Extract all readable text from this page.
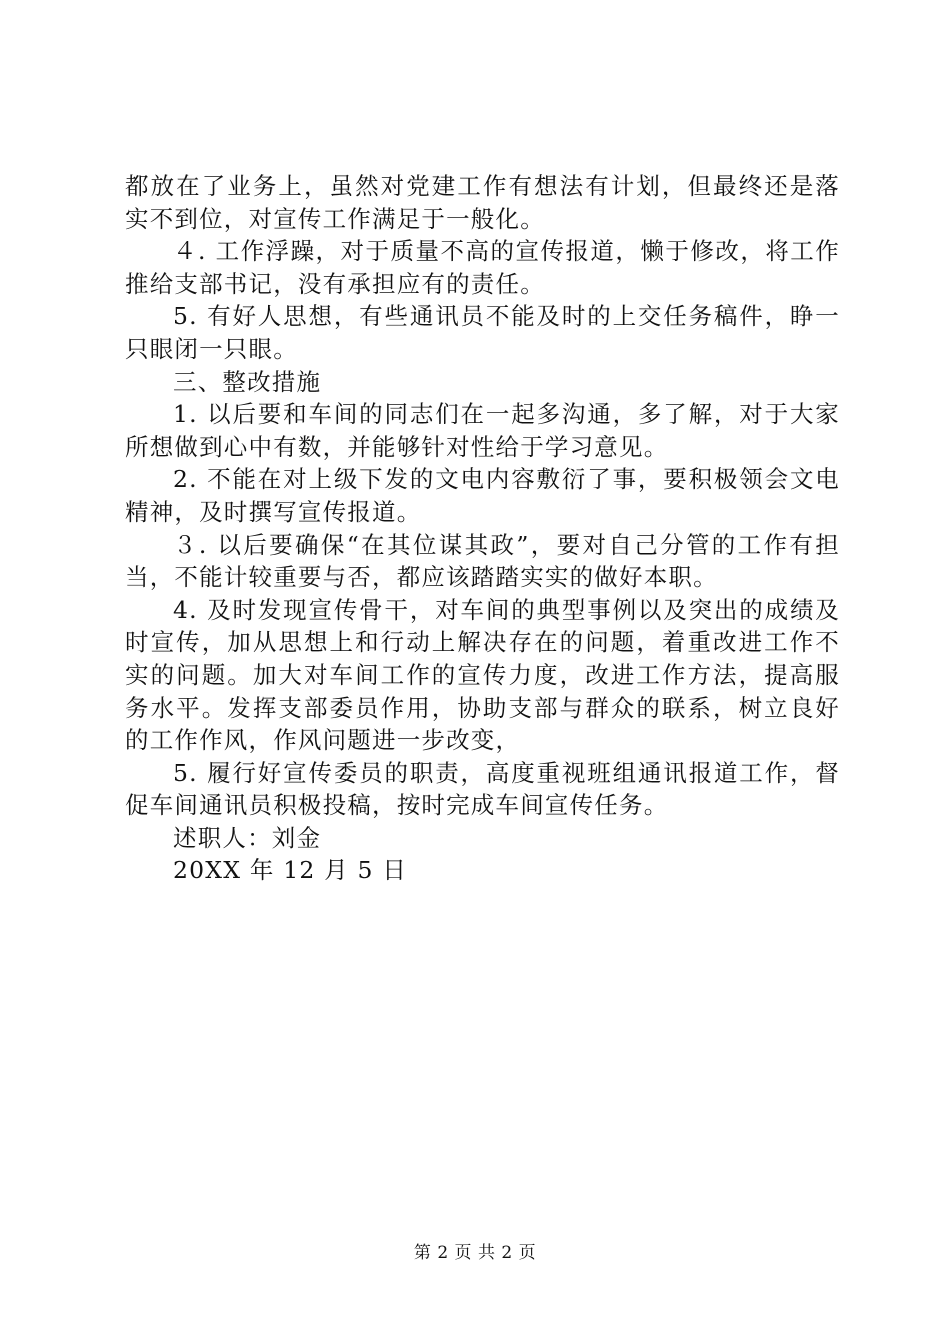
都放在了业务上，虽然对党建工作有想法有计划，但最终还是落实不到位，对宣传工作满足于一般化。

４. 工作浮躁，对于质量不高的宣传报道，懒于修改，将工作推给支部书记，没有承担应有的责任。

5. 有好人思想，有些通讯员不能及时的上交任务稿件，睁一只眼闭一只眼。

三、整改措施

1. 以后要和车间的同志们在一起多沟通，多了解，对于大家所想做到心中有数，并能够针对性给于学习意见。

2. 不能在对上级下发的文电内容敷衍了事，要积极领会文电精神，及时撰写宣传报道。

３. 以后要确保“在其位谋其政”，要对自己分管的工作有担当，不能计较重要与否，都应该踏踏实实的做好本职。

4. 及时发现宣传骨干，对车间的典型事例以及突出的成绩及时宣传，加从思想上和行动上解决存在的问题，着重改进工作不实的问题。加大对车间工作的宣传力度，改进工作方法，提高服务水平。发挥支部委员作用，协助支部与群众的联系，树立良好的工作作风，作风问题进一步改变，

5. 履行好宣传委员的职责，高度重视班组通讯报道工作，督促车间通讯员积极投稿，按时完成车间宣传任务。

述职人：刘金

20XX 年 12 月 5 日

第 2 页 共 2 页
